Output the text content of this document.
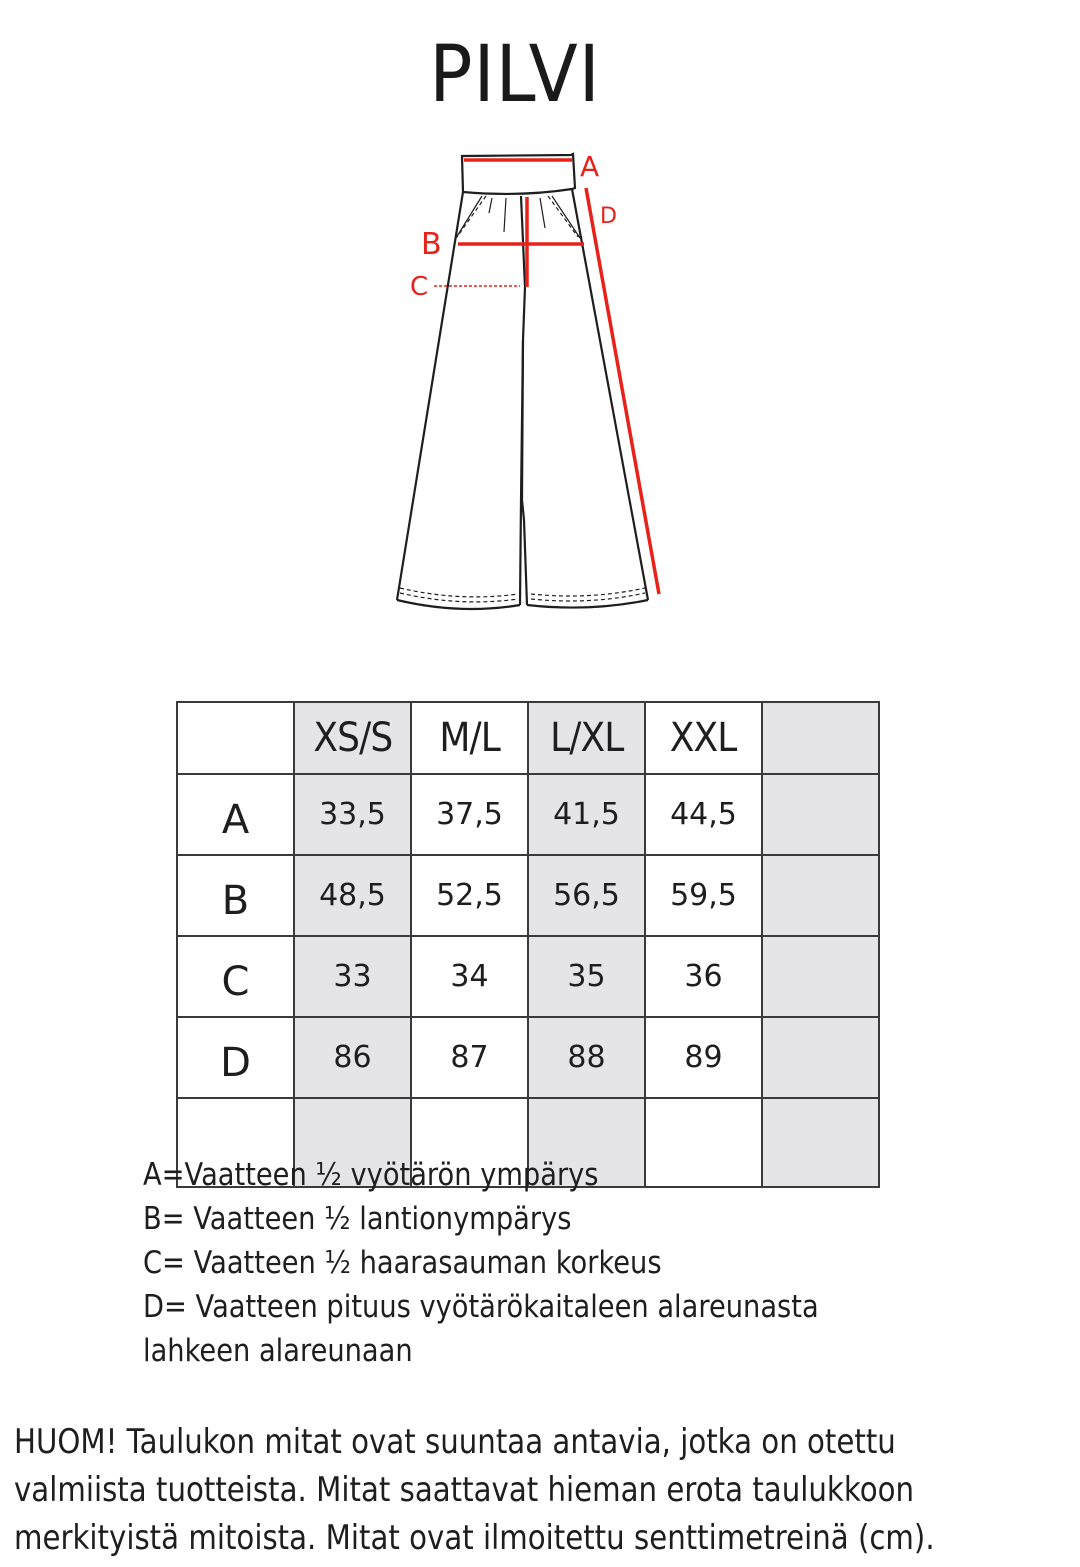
PILVI
A
D
B
C
	XS/S	M/L	L/XL	XXL	
A	33,5	37,5	41,5	44,5	
B	48,5	52,5	56,5	59,5	
C	33	34	35	36	
D	86	87	88	89	

A=Vaatteen ½ vyötärön ympärys
B= Vaatteen ½ lantionympärys
C= Vaatteen ½ haarasauman korkeus
D= Vaatteen pituus vyötärökaitaleen alareunasta
lahkeen alareunaan
HUOM! Taulukon mitat ovat suuntaa antavia, jotka on otettu
valmiista tuotteista. Mitat saattavat hieman erota taulukkoon
merkityistä mitoista. Mitat ovat ilmoitettu senttimetreinä (cm).
